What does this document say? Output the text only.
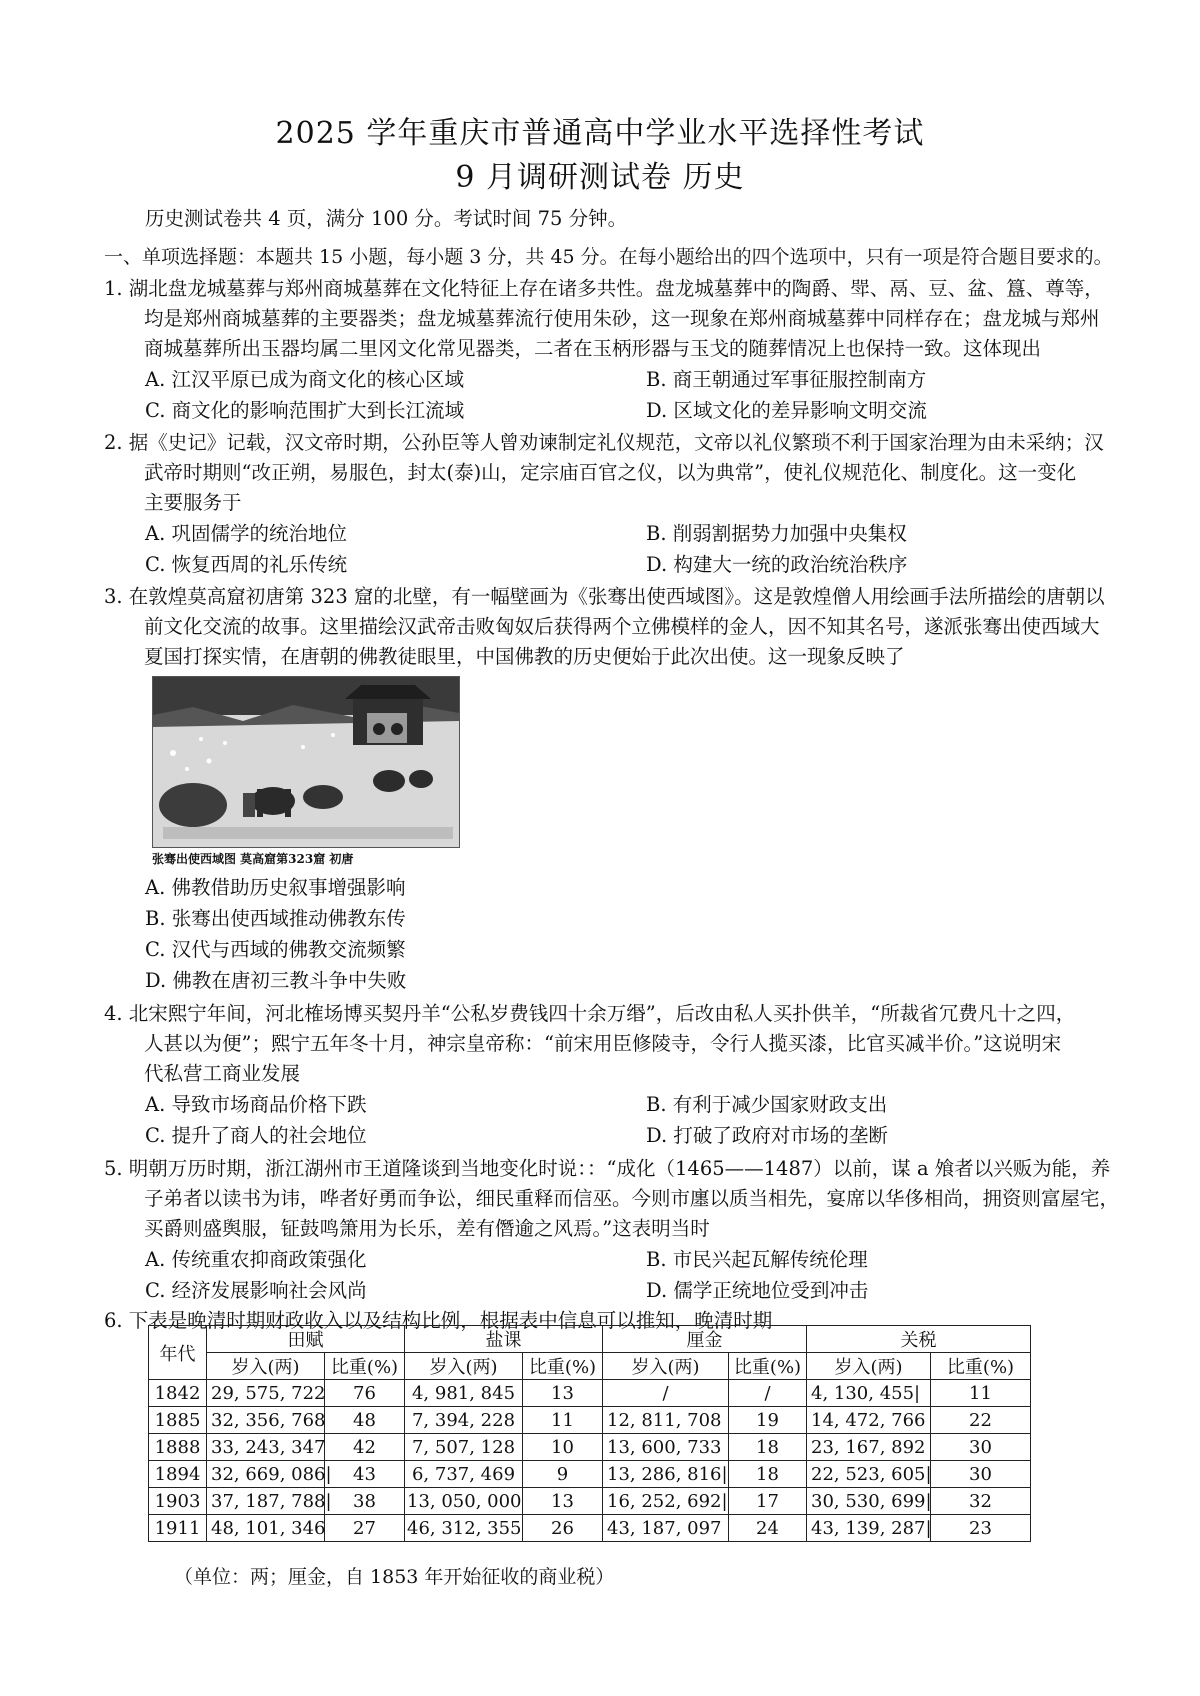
2025 学年重庆市普通高中学业水平选择性考试
9 月调研测试卷 历史
历史测试卷共 4 页，满分 100 分。考试时间 75 分钟。
一、单项选择题：本题共 15 小题，每小题 3 分，共 45 分。在每小题给出的四个选项中，只有一项是符合题目要求的。
1. 湖北盘龙城墓葬与郑州商城墓葬在文化特征上存在诸多共性。盘龙城墓葬中的陶爵、斝、鬲、豆、盆、簋、尊等，
均是郑州商城墓葬的主要器类；盘龙城墓葬流行使用朱砂，这一现象在郑州商城墓葬中同样存在；盘龙城与郑州
商城墓葬所出玉器均属二里冈文化常见器类，二者在玉柄形器与玉戈的随葬情况上也保持一致。这体现出
A. 江汉平原已成为商文化的核心区域	B. 商王朝通过军事征服控制南方
C. 商文化的影响范围扩大到长江流域	D. 区域文化的差异影响文明交流
2. 据《史记》记载，汉文帝时期，公孙臣等人曾劝谏制定礼仪规范，文帝以礼仪繁琐不利于国家治理为由未采纳；汉
武帝时期则“改正朔，易服色，封太(泰)山，定宗庙百官之仪，以为典常”，使礼仪规范化、制度化。这一变化
主要服务于
A. 巩固儒学的统治地位	B. 削弱割据势力加强中央集权
C. 恢复西周的礼乐传统	D. 构建大一统的政治统治秩序
3. 在敦煌莫高窟初唐第 323 窟的北壁，有一幅壁画为《张骞出使西域图》。这是敦煌僧人用绘画手法所描绘的唐朝以
前文化交流的故事。这里描绘汉武帝击败匈奴后获得两个立佛模样的金人，因不知其名号，遂派张骞出使西域大
夏国打探实情，在唐朝的佛教徒眼里，中国佛教的历史便始于此次出使。这一现象反映了
张骞出使西域图 莫高窟第323窟 初唐
A. 佛教借助历史叙事增强影响
B. 张骞出使西域推动佛教东传
C. 汉代与西域的佛教交流频繁
D. 佛教在唐初三教斗争中失败
4. 北宋熙宁年间，河北榷场博买契丹羊“公私岁费钱四十余万缗”，后改由私人买扑供羊，“所裁省冗费凡十之四，
人甚以为便”；熙宁五年冬十月，神宗皇帝称：“前宋用臣修陵寺，令行人揽买漆，比官买减半价。”这说明宋
代私营工商业发展
A. 导致市场商品价格下跌	B. 有利于减少国家财政支出
C. 提升了商人的社会地位	D. 打破了政府对市场的垄断
5. 明朝万历时期，浙江湖州市王道隆谈到当地变化时说：：“成化（1465——1487）以前，谋 a 飧者以兴贩为能，养
子弟者以读书为讳，哗者好勇而争讼，细民重释而信巫。今则市廛以质当相先，宴席以华侈相尚，拥资则富屋宅，
买爵则盛舆服，钲鼓鸣箫用为长乐，差有僭逾之风焉。”这表明当时
A. 传统重农抑商政策强化	B. 市民兴起瓦解传统伦理
C. 经济发展影响社会风尚	D. 儒学正统地位受到冲击
6. 下表是晚清时期财政收入以及结构比例，根据表中信息可以推知，晚清时期
年代	田赋		盐课		厘金		关税	
	岁入(两)	比重(%)	岁入(两)	比重(%)	岁入(两)	比重(%)	岁入(两)	比重(%)
1842	29, 575, 722	76	4, 981, 845	13	/	/	4, 130, 455|	11
1885	32, 356, 768	48	7, 394, 228	11	12, 811, 708	19	14, 472, 766	22
1888	33, 243, 347	42	7, 507, 128	10	13, 600, 733	18	23, 167, 892	30
1894	32, 669, 086|	43	6, 737, 469	9	13, 286, 816|	18	22, 523, 605|	30
1903	37, 187, 788|	38	13, 050, 000	13	16, 252, 692|	17	30, 530, 699|	32
1911	48, 101, 346	27	46, 312, 355	26	43, 187, 097	24	43, 139, 287|	23
（单位：两；厘金，自 1853 年开始征收的商业税）
